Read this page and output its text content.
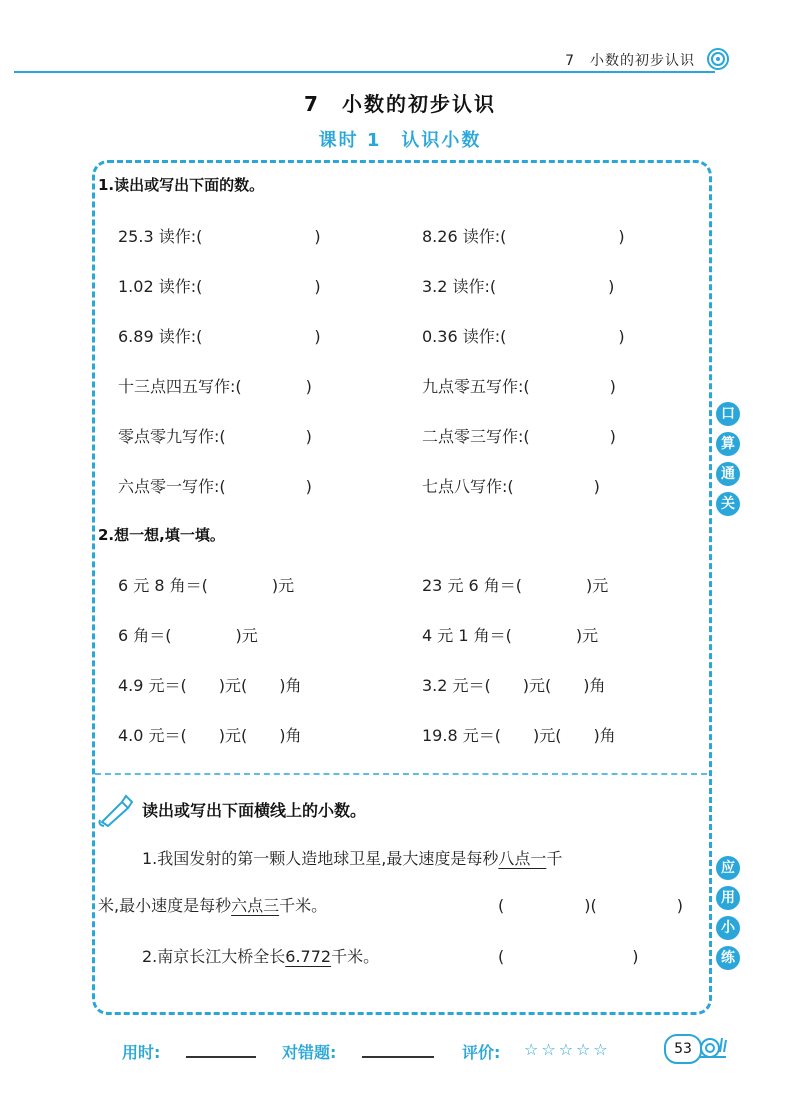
7　小数的初步认识
7　小数的初步认识
课时 1　认识小数
1.读出或写出下面的数。
25.3 读作:(　　　　　　　)	8.26 读作:(　　　　　　　)
1.02 读作:(　　　　　　　)	3.2 读作:(　　　　　　　)
6.89 读作:(　　　　　　　)	0.36 读作:(　　　　　　　)
十三点四五写作:(　　　　)	九点零五写作:(　　　　　)
零点零九写作:(　　　　　)	二点零三写作:(　　　　　)
六点零一写作:(　　　　　)	七点八写作:(　　　　　)
2.想一想,填一填。
6 元 8 角＝(　　　　)元	23 元 6 角＝(　　　　)元
6 角＝(　　　　)元	4 元 1 角＝(　　　　)元
4.9 元＝(　　)元(　　)角	3.2 元＝(　　)元(　　)角
4.0 元＝(　　)元(　　)角	19.8 元＝(　　)元(　　)角
口
算
通
关
应
用
小
练
读出或写出下面横线上的小数。
1.我国发射的第一颗人造地球卫星,最大速度是每秒八点一千
米,最小速度是每秒六点三千米。	(　　　　　)(　　　　　)
2.南京长江大桥全长6.772千米。	(　　　　　　　　)
用时:	对错题:	评价: ☆☆☆☆☆	53
